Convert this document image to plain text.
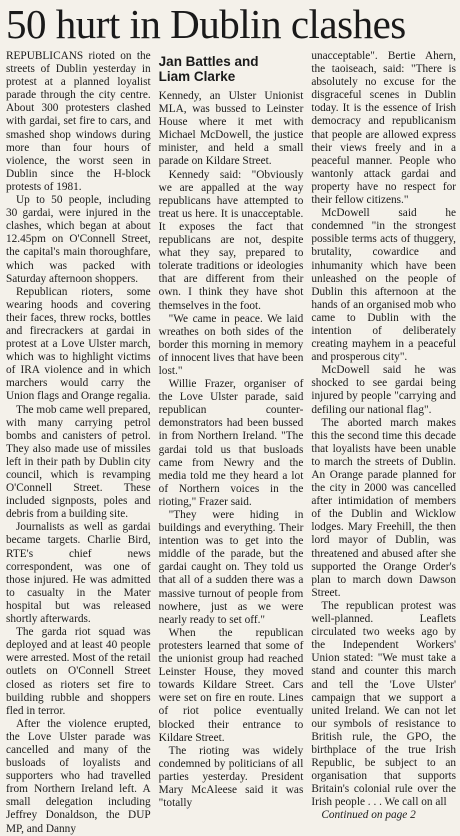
50 hurt in Dublin clashes

REPUBLICANS rioted on the streets of Dublin yesterday in protest at a planned loyalist parade through the city centre. About 300 protesters clashed with gardai, set fire to cars, and smashed shop windows during more than four hours of violence, the worst seen in Dublin since the H-block protests of 1981.

Up to 50 people, including 30 gardai, were injured in the clashes, which began at about 12.45pm on O'Connell Street, the capital's main thoroughfare, which was packed with Saturday afternoon shoppers.

Republican rioters, some wearing hoods and covering their faces, threw rocks, bottles and firecrackers at gardai in protest at a Love Ulster march, which was to highlight victims of IRA violence and in which marchers would carry the Union flags and Orange regalia.

The mob came well prepared, with many carrying petrol bombs and canisters of petrol. They also made use of missiles left in their path by Dublin city council, which is revamping O'Connell Street. These included signposts, poles and debris from a building site.

Journalists as well as gardai became targets. Charlie Bird, RTE's chief news correspondent, was one of those injured. He was admitted to casualty in the Mater hospital but was released shortly afterwards.

The garda riot squad was deployed and at least 40 people were arrested. Most of the retail outlets on O'Connell Street closed as rioters set fire to building rubble and shoppers fled in terror.

After the violence erupted, the Love Ulster parade was cancelled and many of the busloads of loyalists and supporters who had travelled from Northern Ireland left. A small delegation including Jeffrey Donaldson, the DUP MP, and Danny

Jan Battles and
Liam Clarke

Kennedy, an Ulster Unionist MLA, was bussed to Leinster House where it met with Michael McDowell, the justice minister, and held a small parade on Kildare Street.

Kennedy said: "Obviously we are appalled at the way republicans have attempted to treat us here. It is unacceptable. It exposes the fact that republicans are not, despite what they say, prepared to tolerate traditions or ideologies that are different from their own. I think they have shot themselves in the foot.

"We came in peace. We laid wreathes on both sides of the border this morning in memory of innocent lives that have been lost."

Willie Frazer, organiser of the Love Ulster parade, said republican counter-demonstrators had been bussed in from Northern Ireland. "The gardai told us that busloads came from Newry and the media told me they heard a lot of Northern voices in the rioting," Frazer said.

"They were hiding in buildings and everything. Their intention was to get into the middle of the parade, but the gardai caught on. They told us that all of a sudden there was a massive turnout of people from nowhere, just as we were nearly ready to set off."

When the republican protesters learned that some of the unionist group had reached Leinster House, they moved towards Kildare Street. Cars were set on fire en route. Lines of riot police eventually blocked their entrance to Kildare Street.

The rioting was widely condemned by politicians of all parties yesterday. President Mary McAleese said it was "totally

unacceptable". Bertie Ahern, the taoiseach, said: "There is absolutely no excuse for the disgraceful scenes in Dublin today. It is the essence of Irish democracy and republicanism that people are allowed express their views freely and in a peaceful manner. People who wantonly attack gardai and property have no respect for their fellow citizens."

McDowell said he condemned "in the strongest possible terms acts of thuggery, brutality, cowardice and inhumanity which have been unleashed on the people of Dublin this afternoon at the hands of an organised mob who came to Dublin with the intention of deliberately creating mayhem in a peaceful and prosperous city".

McDowell said he was shocked to see gardai being injured by people "carrying and defiling our national flag".

The aborted march makes this the second time this decade that loyalists have been unable to march the streets of Dublin. An Orange parade planned for the city in 2000 was cancelled after intimidation of members of the Dublin and Wicklow lodges. Mary Freehill, the then lord mayor of Dublin, was threatened and abused after she supported the Orange Order's plan to march down Dawson Street.

The republican protest was well-planned. Leaflets circulated two weeks ago by the Independent Workers' Union stated: "We must take a stand and counter this march and tell the 'Love Ulster' campaign that we support a united Ireland. We can not let our symbols of resistance to British rule, the GPO, the birthplace of the true Irish Republic, be subject to an organisation that supports Britain's colonial rule over the Irish people . . . We call on all

Continued on page 2
